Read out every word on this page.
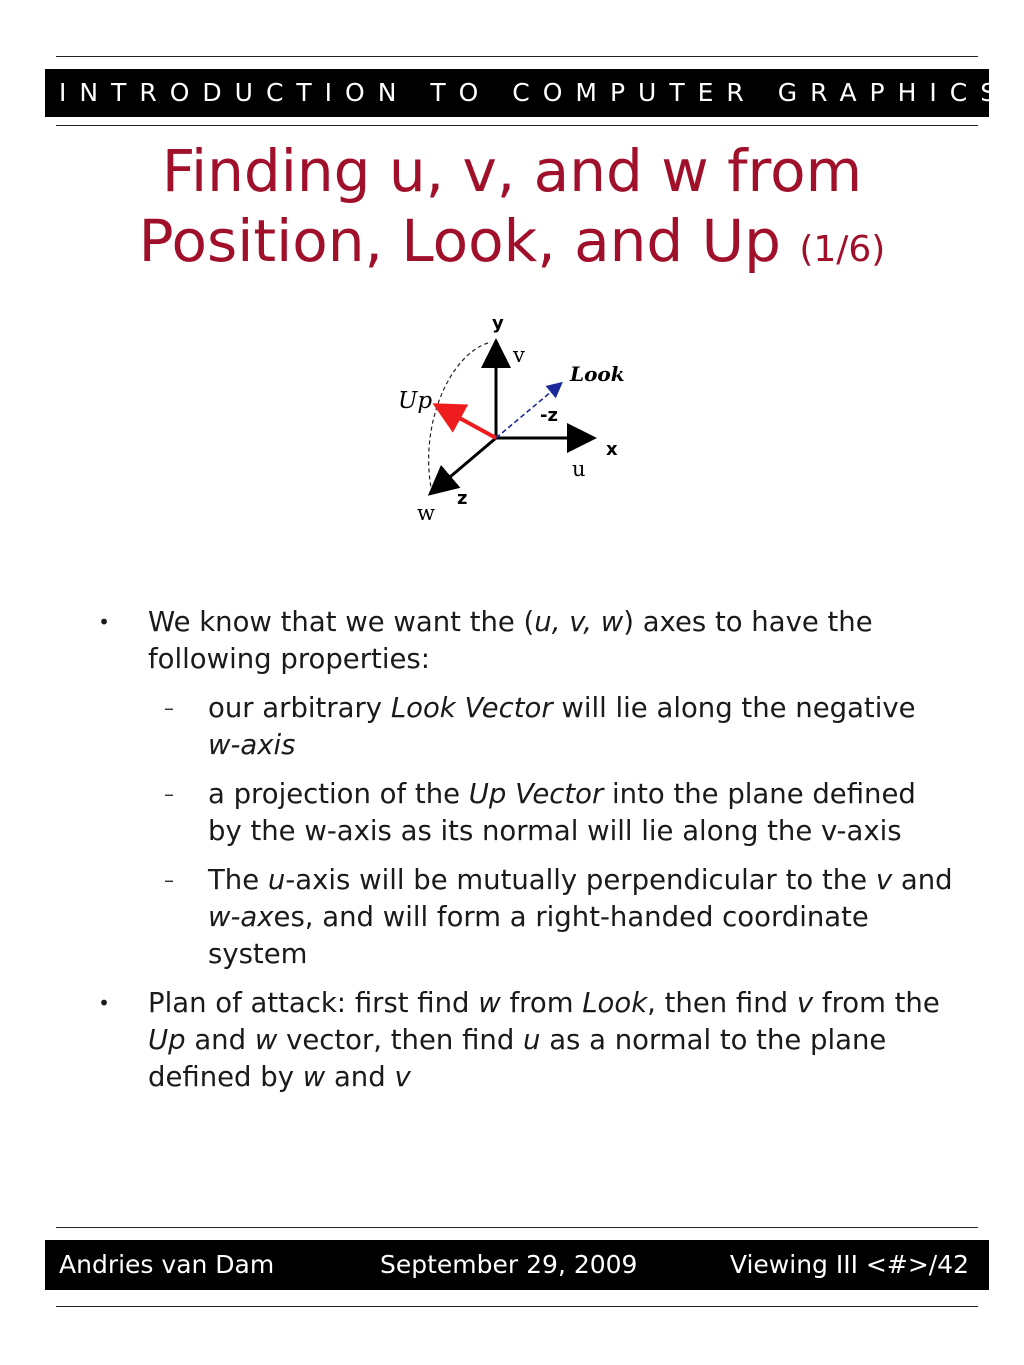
INTRODUCTION TO COMPUTER GRAPHICS
Finding u, v, and w from
Position, Look, and Up (1/6)
y
v
Look
Up
-z
x
u
z
w
• We know that we want the (u, v, w) axes to have the following properties:
– our arbitrary Look Vector will lie along the negative w-axis
– a projection of the Up Vector into the plane defined by the w-axis as its normal will lie along the v-axis
– The u-axis will be mutually perpendicular to the v and w-axes, and will form a right-handed coordinate system
• Plan of attack: first find w from Look, then find v from the Up and w vector, then find u as a normal to the plane defined by w and v
Andries van Dam	September 29, 2009	Viewing III <#>/42
